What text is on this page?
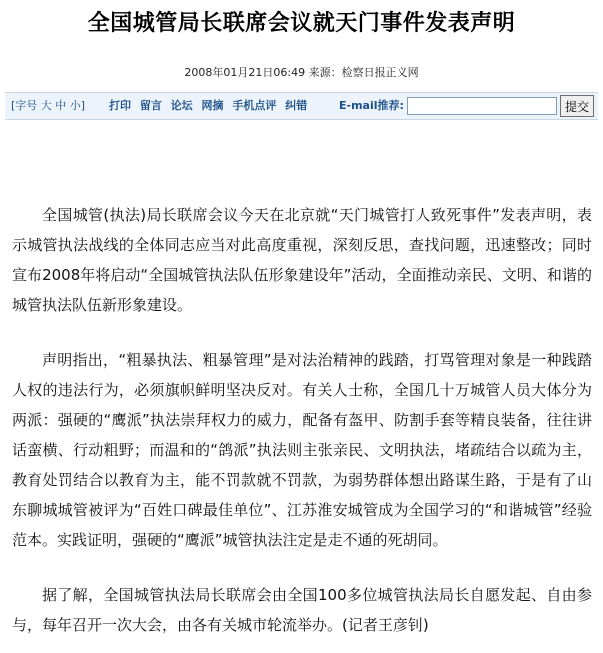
全国城管局长联席会议就天门事件发表声明
2008年01月21日06:49 来源：检察日报正义网
[字号 大 中 小] 打印 留言 论坛 网摘 手机点评 纠错	E-mail推荐:	提交

全国城管(执法)局长联席会议今天在北京就“天门城管打人致死事件”发表声明，表示城管执法战线的全体同志应当对此高度重视，深刻反思，查找问题，迅速整改；同时宣布2008年将启动“全国城管执法队伍形象建设年”活动，全面推动亲民、文明、和谐的城管执法队伍新形象建设。

声明指出，“粗暴执法、粗暴管理”是对法治精神的践踏，打骂管理对象是一种践踏人权的违法行为，必须旗帜鲜明坚决反对。有关人士称，全国几十万城管人员大体分为两派：强硬的“鹰派”执法崇拜权力的威力，配备有盔甲、防割手套等精良装备，往往讲话蛮横、行动粗野；而温和的“鸽派”执法则主张亲民、文明执法，堵疏结合以疏为主，教育处罚结合以教育为主，能不罚款就不罚款，为弱势群体想出路谋生路，于是有了山东聊城城管被评为“百姓口碑最佳单位”、江苏淮安城管成为全国学习的“和谐城管”经验范本。实践证明，强硬的“鹰派”城管执法注定是走不通的死胡同。

据了解，全国城管执法局长联席会由全国100多位城管执法局长自愿发起、自由参与，每年召开一次大会，由各有关城市轮流举办。(记者王彦钊)
